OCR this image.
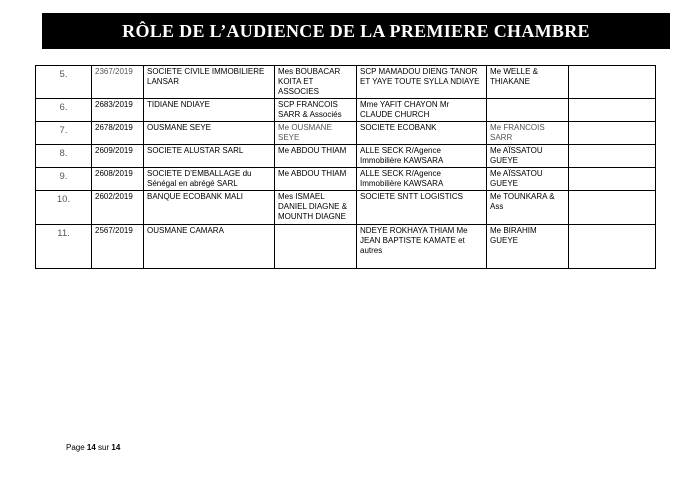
RÔLE DE L’AUDIENCE DE LA PREMIERE CHAMBRE
5.	2367/2019	SOCIETE CIVILE IMMOBILIERE LANSAR	Mes BOUBACAR KOITA ET ASSOCIES	SCP MAMADOU DIENG TANOR ET YAYE TOUTE SYLLA NDIAYE	Me WELLE & THIAKANE	
6.	2683/2019	TIDIANE NDIAYE	SCP FRANCOIS SARR & Associés	Mme YAFIT CHAYON Mr CLAUDE CHURCH		
7.	2678/2019	OUSMANE SEYE	Me OUSMANE SEYE	SOCIETE ECOBANK	Me FRANCOIS SARR	
8.	2609/2019	SOCIETE ALUSTAR SARL	Me ABDOU THIAM	ALLE SECK R/Agence Immobilière KAWSARA	Me AÏSSATOU GUEYE	
9.	2608/2019	SOCIETE D’EMBALLAGE du Sénégal en abrégé SARL	Me ABDOU THIAM	ALLE SECK R/Agence Immobilière KAWSARA	Me AÏSSATOU GUEYE	
10.	2602/2019	BANQUE ECOBANK MALI	Mes ISMAEL DANIEL DIAGNE & MOUNTH DIAGNE	SOCIETE SNTT LOGISTICS	Me TOUNKARA & Ass	
11.	2567/2019	OUSMANE CAMARA		NDEYE ROKHAYA THIAM Me JEAN BAPTISTE KAMATE et autres	Me BIRAHIM GUEYE	
Page 14 sur 14
